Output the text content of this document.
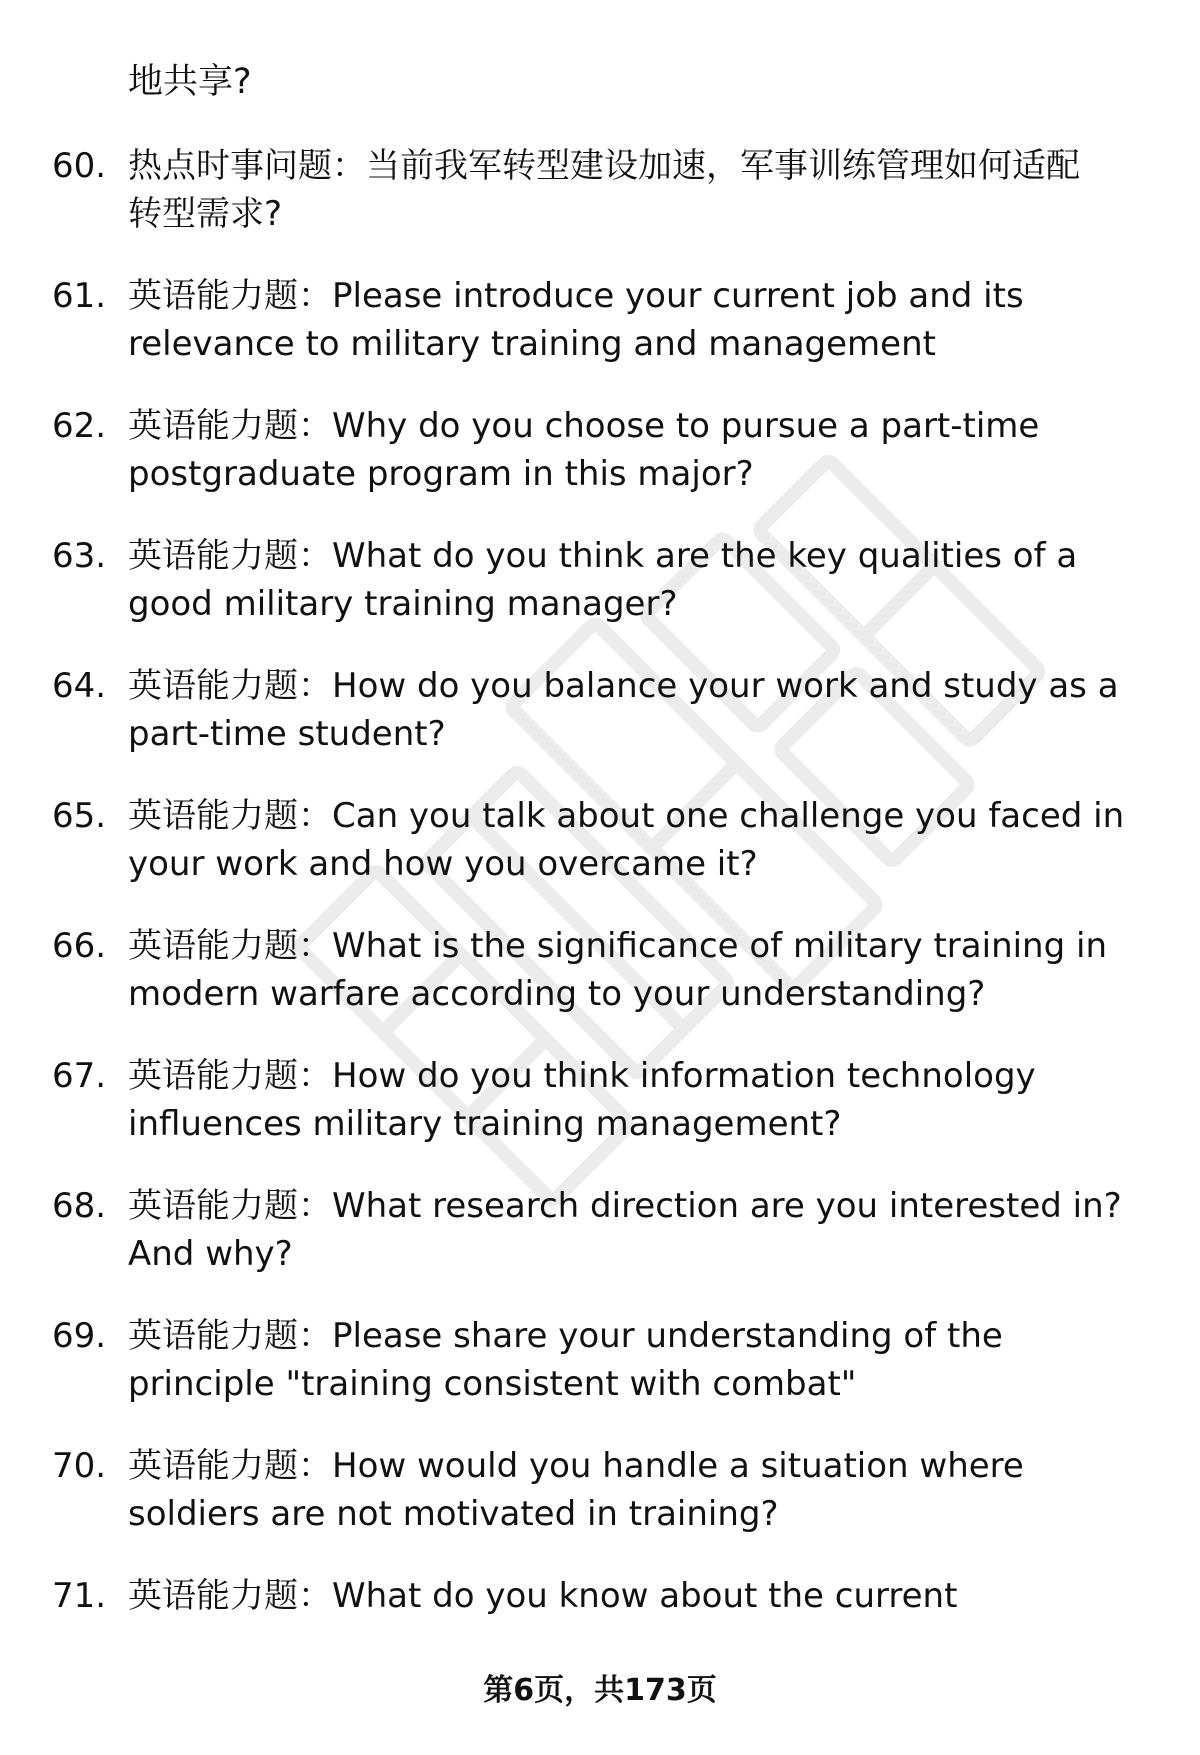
地共享?
60. 热点时事问题：当前我军转型建设加速，军事训练管理如何适配
转型需求?
61. 英语能力题：Please introduce your current job and its
relevance to military training and management
62. 英语能力题：Why do you choose to pursue a part-time
postgraduate program in this major?
63. 英语能力题：What do you think are the key qualities of a
good military training manager?
64. 英语能力题：How do you balance your work and study as a
part-time student?
65. 英语能力题：Can you talk about one challenge you faced in
your work and how you overcame it?
66. 英语能力题：What is the significance of military training in
modern warfare according to your understanding?
67. 英语能力题：How do you think information technology
influences military training management?
68. 英语能力题：What research direction are you interested in?
And why?
69. 英语能力题：Please share your understanding of the
principle "training consistent with combat"
70. 英语能力题：How would you handle a situation where
soldiers are not motivated in training?
71. 英语能力题：What do you know about the current
第6页，共173页
